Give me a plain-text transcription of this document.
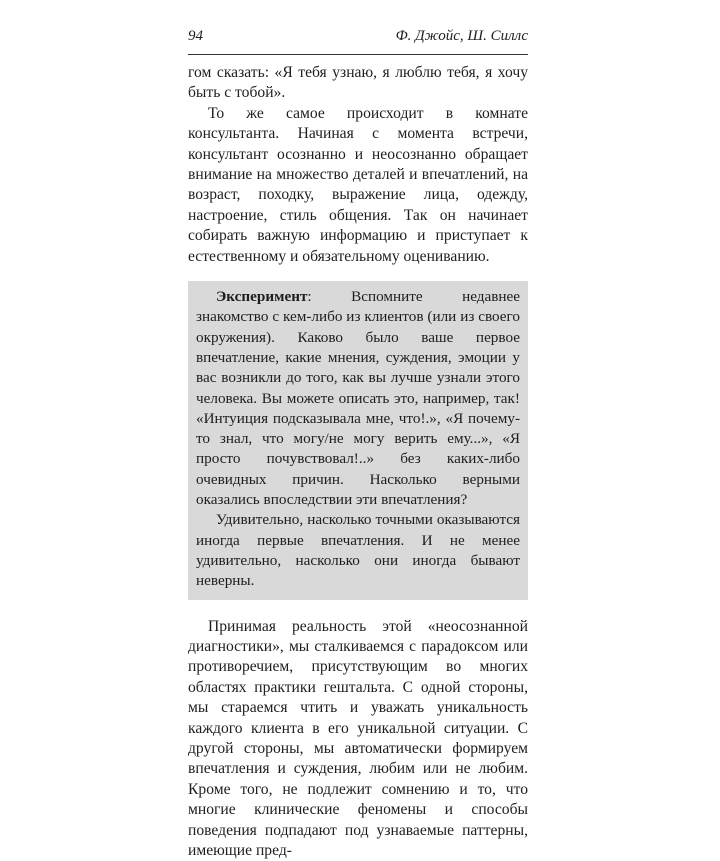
94	Ф. Джойс, Ш. Силлс

гом сказать: «Я тебя узнаю, я люблю тебя, я хочу быть с тобой».

То же самое происходит в комнате консультанта. Начиная с момента встречи, консультант осознанно и неосознанно обращает внимание на множество деталей и впечатлений, на возраст, походку, выражение лица, одежду, настроение, стиль общения. Так он начинает собирать важную информацию и приступает к естественному и обязательному оцениванию.

Эксперимент: Вспомните недавнее знакомство с кем-либо из клиентов (или из своего окружения). Каково было ваше первое впечатление, какие мнения, суждения, эмоции у вас возникли до того, как вы лучше узнали этого человека. Вы можете описать это, например, так! «Интуиция подсказывала мне, что!.», «Я почему-то знал, что могу/не могу верить ему...», «Я просто почувствовал!..» без каких-либо очевидных причин. Насколько верными оказались впоследствии эти впечатления?

Удивительно, насколько точными оказываются иногда первые впечатления. И не менее удивительно, насколько они иногда бывают неверны.

Принимая реальность этой «неосознанной диагностики», мы сталкиваемся с парадоксом или противоречием, присутствующим во многих областях практики гештальта. С одной стороны, мы стараемся чтить и уважать уникальность каждого клиента в его уникальной ситуации. С другой стороны, мы автоматически формируем впечатления и суждения, любим или не любим. Кроме того, не подлежит сомнению и то, что многие клинические феномены и способы поведения подпадают под узнаваемые паттерны, имеющие пред-
